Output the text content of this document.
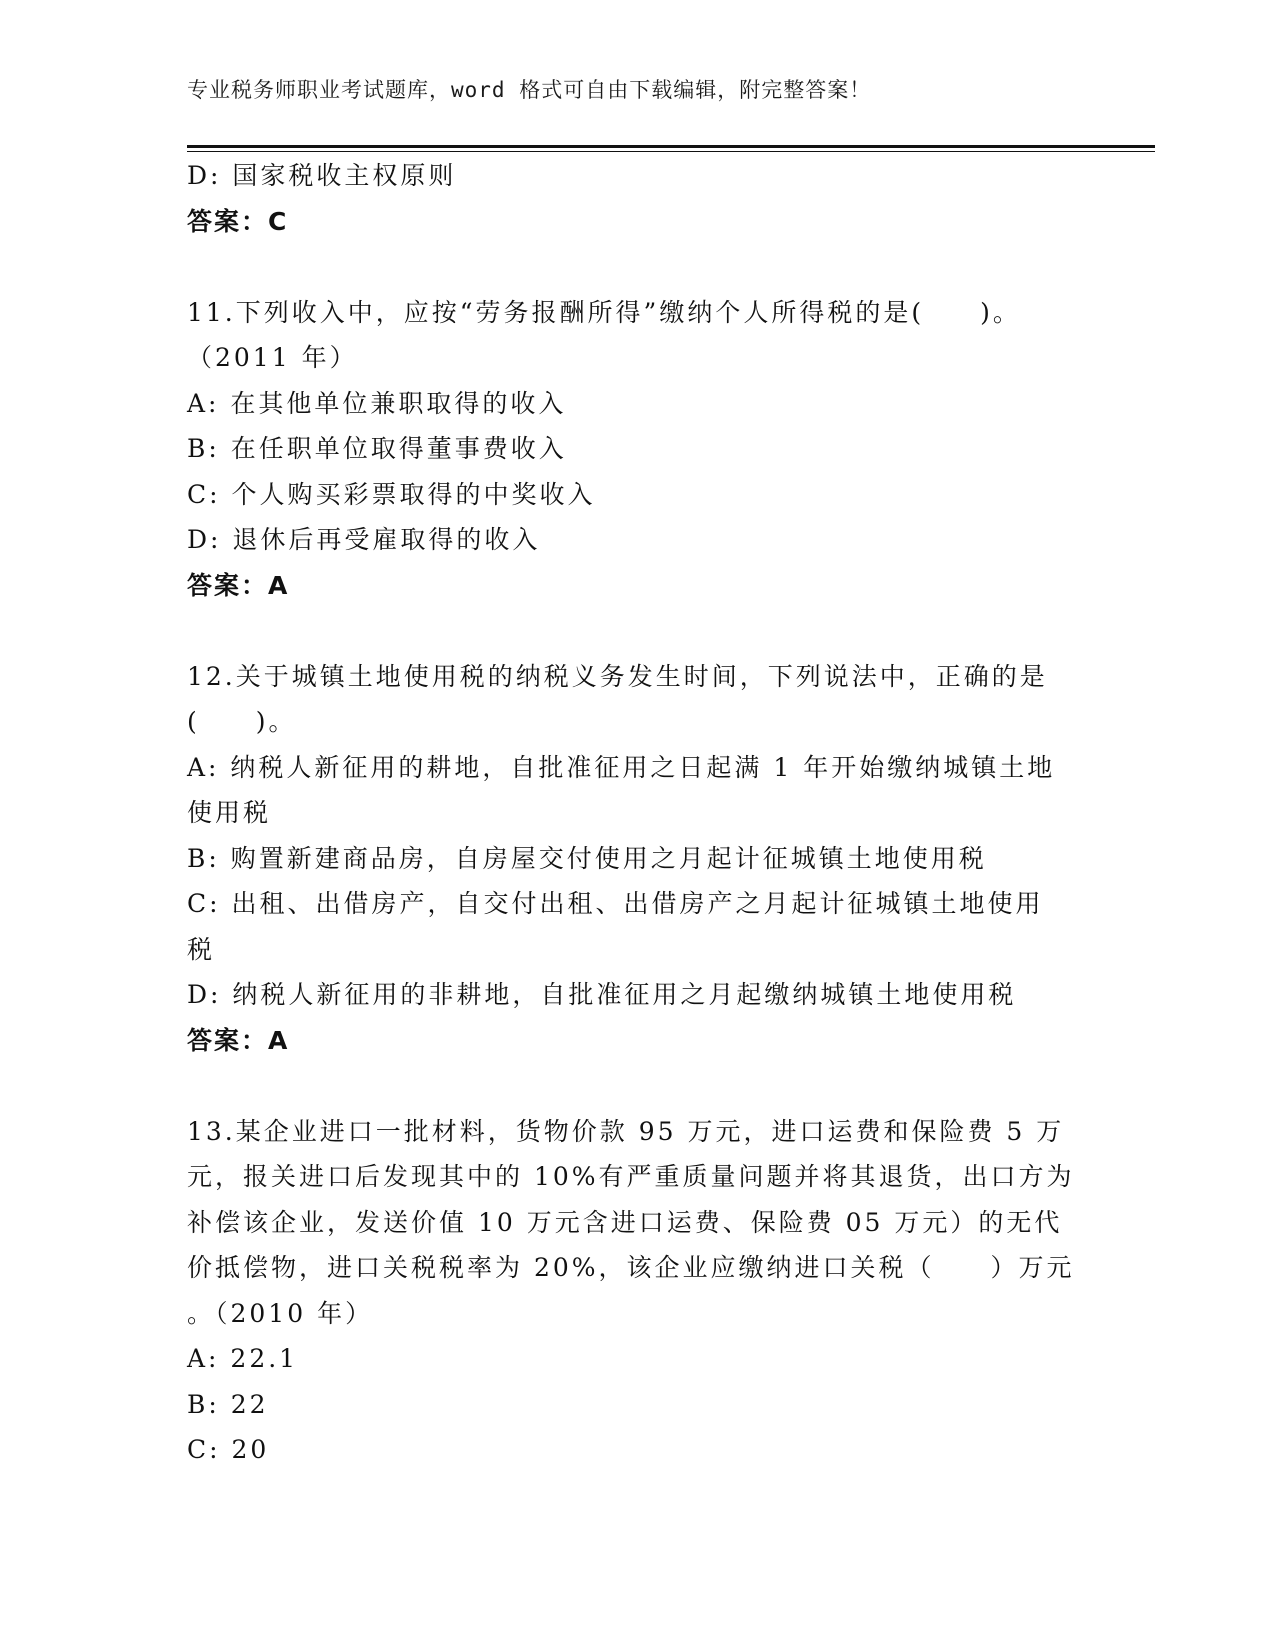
专业税务师职业考试题库，word 格式可自由下载编辑，附完整答案！
D: 国家税收主权原则
答案：C
11.下列收入中，应按“劳务报酬所得”缴纳个人所得税的是(　　)。
（2011 年）
A: 在其他单位兼职取得的收入
B: 在任职单位取得董事费收入
C: 个人购买彩票取得的中奖收入
D: 退休后再受雇取得的收入
答案：A
12.关于城镇土地使用税的纳税义务发生时间，下列说法中，正确的是
(　　)。
A: 纳税人新征用的耕地，自批准征用之日起满 1 年开始缴纳城镇土地
使用税
B: 购置新建商品房，自房屋交付使用之月起计征城镇土地使用税
C: 出租、出借房产，自交付出租、出借房产之月起计征城镇土地使用
税
D: 纳税人新征用的非耕地，自批准征用之月起缴纳城镇土地使用税
答案：A
13.某企业进口一批材料，货物价款 95 万元，进口运费和保险费 5 万
元，报关进口后发现其中的 10%有严重质量问题并将其退货，出口方为
补偿该企业，发送价值 10 万元含进口运费、保险费 05 万元）的无代
价抵偿物，进口关税税率为 20%，该企业应缴纳进口关税（　　）万元
。（2010 年）
A: 22.1
B: 22
C: 20
